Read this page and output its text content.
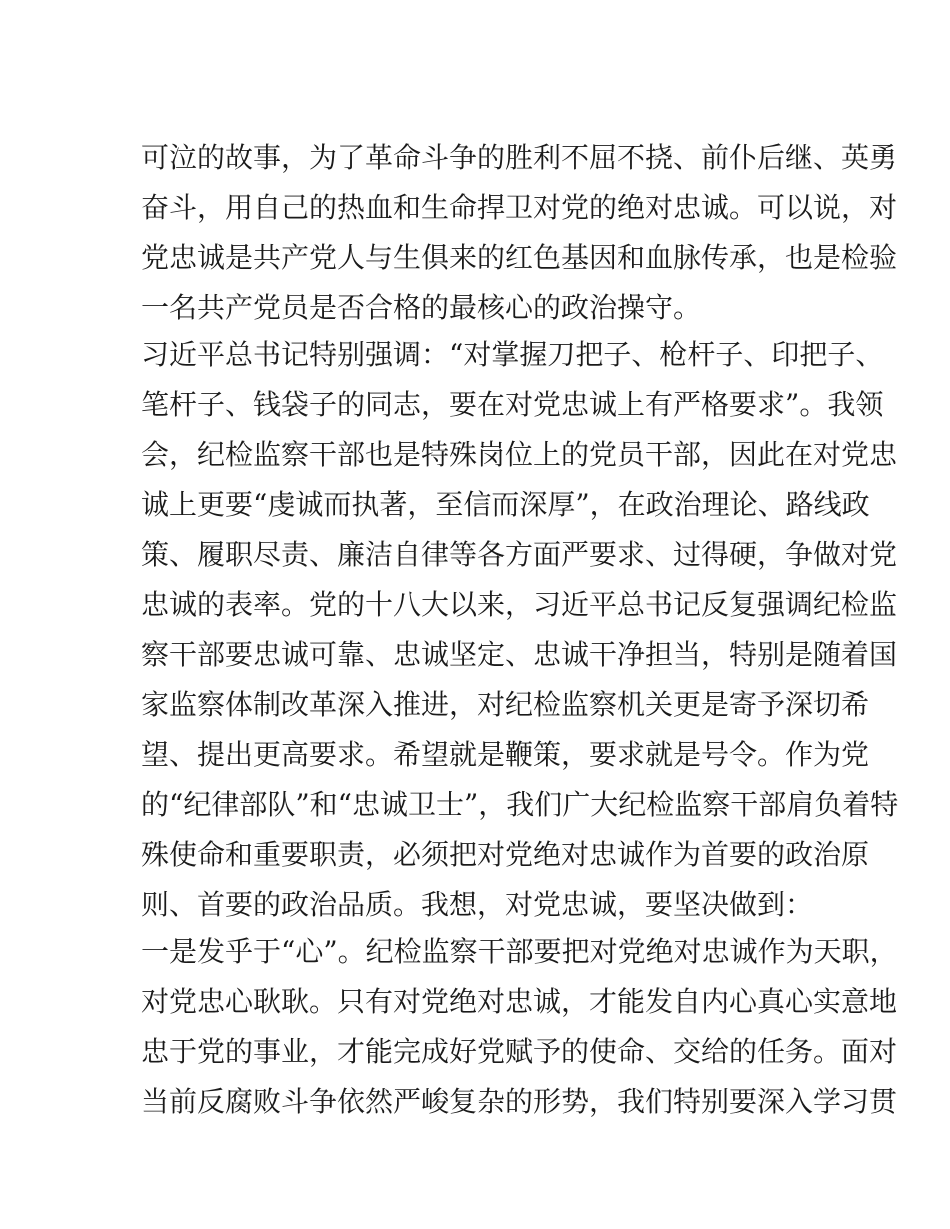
可泣的故事，为了革命斗争的胜利不屈不挠、前仆后继、英勇
奋斗，用自己的热血和生命捍卫对党的绝对忠诚。可以说，对
党忠诚是共产党人与生俱来的红色基因和血脉传承，也是检验
一名共产党员是否合格的最核心的政治操守。
习近平总书记特别强调：“对掌握刀把子、枪杆子、印把子、
笔杆子、钱袋子的同志，要在对党忠诚上有严格要求”。我领
会，纪检监察干部也是特殊岗位上的党员干部，因此在对党忠
诚上更要“虔诚而执著，至信而深厚”，在政治理论、路线政
策、履职尽责、廉洁自律等各方面严要求、过得硬，争做对党
忠诚的表率。党的十八大以来，习近平总书记反复强调纪检监
察干部要忠诚可靠、忠诚坚定、忠诚干净担当，特别是随着国
家监察体制改革深入推进，对纪检监察机关更是寄予深切希
望、提出更高要求。希望就是鞭策，要求就是号令。作为党
的“纪律部队”和“忠诚卫士”，我们广大纪检监察干部肩负着特
殊使命和重要职责，必须把对党绝对忠诚作为首要的政治原
则、首要的政治品质。我想，对党忠诚，要坚决做到：
一是发乎于“心”。纪检监察干部要把对党绝对忠诚作为天职，
对党忠心耿耿。只有对党绝对忠诚，才能发自内心真心实意地
忠于党的事业，才能完成好党赋予的使命、交给的任务。面对
当前反腐败斗争依然严峻复杂的形势，我们特别要深入学习贯
